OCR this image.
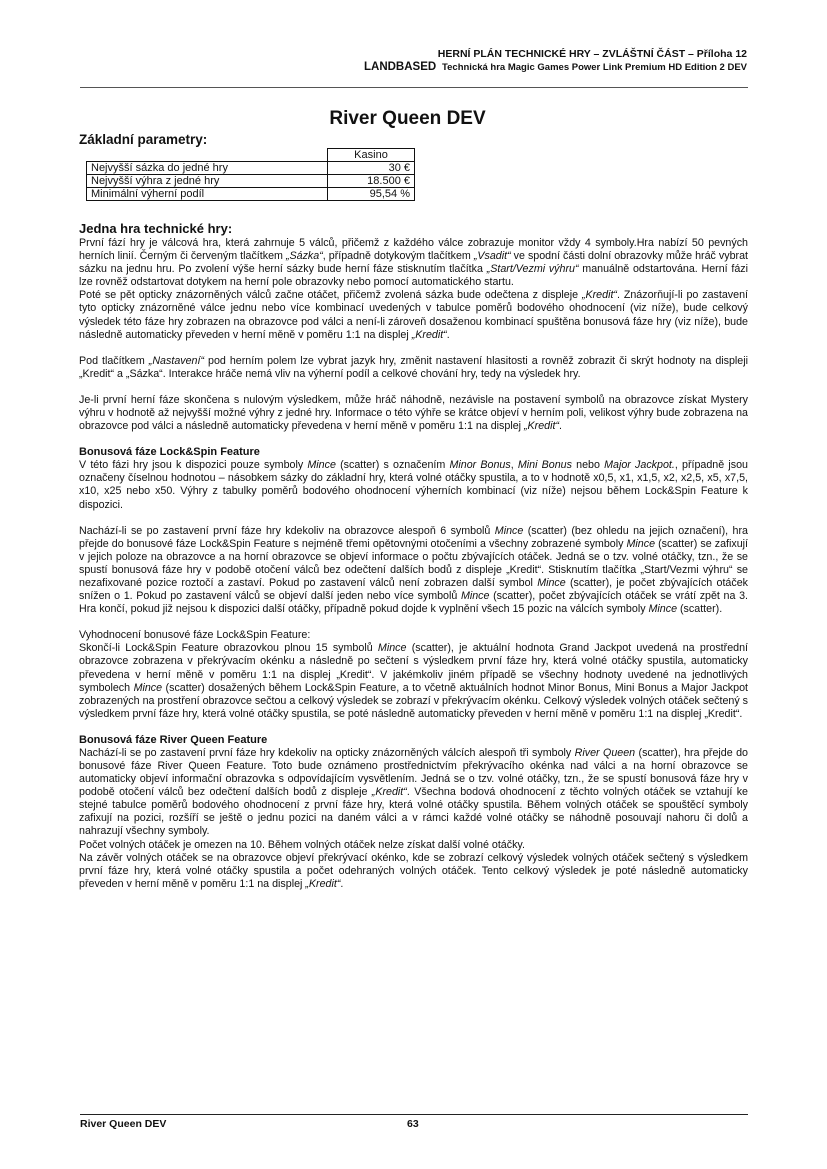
HERNÍ PLÁN TECHNICKÉ HRY – ZVLÁŠTNÍ ČÁST – Příloha 12
LANDBASED Technická hra Magic Games Power Link Premium HD Edition 2 DEV
River Queen DEV
Základní parametry:
	Kasino
Nejvyšší sázka do jedné hry	30 €
Nejvyšší výhra z jedné hry	18.500 €
Minimální výherní podíl	95,54 %
Jedna hra technické hry:

První fází hry je válcová hra, která zahrnuje 5 válců, přičemž z každého válce zobrazuje monitor vždy 4 symboly.Hra nabízí 50 pevných herních linií. Černým či červeným tlačítkem „Sázka“, případně dotykovým tlačítkem „Vsadit“ ve spodní části dolní obrazovky může hráč vybrat sázku na jednu hru. Po zvolení výše herní sázky bude herní fáze stisknutím tlačítka „Start/Vezmi výhru“ manuálně odstartována. Herní fázi lze rovněž odstartovat dotykem na herní pole obrazovky nebo pomocí automatického startu.

Poté se pět opticky znázorněných válců začne otáčet, přičemž zvolená sázka bude odečtena z displeje „Kredit“. Znázorňují-li po zastavení tyto opticky znázorněné válce jednu nebo více kombinací uvedených v tabulce poměrů bodového ohodnocení (viz níže), bude celkový výsledek této fáze hry zobrazen na obrazovce pod válci a není-li zároveň dosaženou kombinací spuštěna bonusová fáze hry (viz níže), bude následně automaticky převeden v herní měně v poměru 1:1 na displej „Kredit“.

Pod tlačítkem „Nastavení“ pod herním polem lze vybrat jazyk hry, změnit nastavení hlasitosti a rovněž zobrazit či skrýt hodnoty na displeji „Kredit“ a „Sázka“. Interakce hráče nemá vliv na výherní podíl a celkové chování hry, tedy na výsledek hry.

Je-li první herní fáze skončena s nulovým výsledkem, může hráč náhodně, nezávisle na postavení symbolů na obrazovce získat Mystery výhru v hodnotě až nejvyšší možné výhry z jedné hry. Informace o této výhře se krátce objeví v herním poli, velikost výhry bude zobrazena na obrazovce pod válci a následně automaticky převedena v herní měně v poměru 1:1 na displej „Kredit“.

Bonusová fáze Lock&Spin Feature

V této fázi hry jsou k dispozici pouze symboly Mince (scatter) s označením Minor Bonus, Mini Bonus nebo Major Jackpot., případně jsou označeny číselnou hodnotou – násobkem sázky do základní hry, která volné otáčky spustila, a to v hodnotě x0,5, x1, x1,5, x2, x2,5, x5, x7,5, x10, x25 nebo x50. Výhry z tabulky poměrů bodového ohodnocení výherních kombinací (viz níže) nejsou během Lock&Spin Feature k dispozici.

Nachází-li se po zastavení první fáze hry kdekoliv na obrazovce alespoň 6 symbolů Mince (scatter) (bez ohledu na jejich označení), hra přejde do bonusové fáze Lock&Spin Feature s nejméně třemi opětovnými otočeními a všechny zobrazené symboly Mince (scatter) se zafixují v jejich poloze na obrazovce a na horní obrazovce se objeví informace o počtu zbývajících otáček. Jedná se o tzv. volné otáčky, tzn., že se spustí bonusová fáze hry v podobě otočení válců bez odečtení dalších bodů z displeje „Kredit“. Stisknutím tlačítka „Start/Vezmi výhru“ se nezafixované pozice roztočí a zastaví. Pokud po zastavení válců není zobrazen další symbol Mince (scatter), je počet zbývajících otáček snížen o 1. Pokud po zastavení válců se objeví další jeden nebo více symbolů Mince (scatter), počet zbývajících otáček se vrátí zpět na 3. Hra končí, pokud již nejsou k dispozici další otáčky, případně pokud dojde k vyplnění všech 15 pozic na válcích symboly Mince (scatter).

Vyhodnocení bonusové fáze Lock&Spin Feature:

Skončí-li Lock&Spin Feature obrazovkou plnou 15 symbolů Mince (scatter), je aktuální hodnota Grand Jackpot uvedená na prostřední obrazovce zobrazena v překrývacím okénku a následně po sečtení s výsledkem první fáze hry, která volné otáčky spustila, automaticky převedena v herní měně v poměru 1:1 na displej „Kredit“. V jakémkoliv jiném případě se všechny hodnoty uvedené na jednotlivých symbolech Mince (scatter) dosažených během Lock&Spin Feature, a to včetně aktuálních hodnot Minor Bonus, Mini Bonus a Major Jackpot zobrazených na prostření obrazovce sečtou a celkový výsledek se zobrazí v překrývacím okénku. Celkový výsledek volných otáček sečtený s výsledkem první fáze hry, která volné otáčky spustila, se poté následně automaticky převeden v herní měně v poměru 1:1 na displej „Kredit“.

Bonusová fáze River Queen Feature

Nachází-li se po zastavení první fáze hry kdekoliv na opticky znázorněných válcích alespoň tři symboly River Queen (scatter), hra přejde do bonusové fáze River Queen Feature. Toto bude oznámeno prostřednictvím překrývacího okénka nad válci a na horní obrazovce se automaticky objeví informační obrazovka s odpovídajícím vysvětlením. Jedná se o tzv. volné otáčky, tzn., že se spustí bonusová fáze hry v podobě otočení válců bez odečtení dalších bodů z displeje „Kredit“. Všechna bodová ohodnocení z těchto volných otáček se vztahují ke stejné tabulce poměrů bodového ohodnocení z první fáze hry, která volné otáčky spustila. Během volných otáček se spouštěcí symboly zafixují na pozici, rozšíří se ještě o jednu pozici na daném válci a v rámci každé volné otáčky se náhodně posouvají nahoru či dolů a nahrazují všechny symboly.

Počet volných otáček je omezen na 10. Během volných otáček nelze získat další volné otáčky.

Na závěr volných otáček se na obrazovce objeví překrývací okénko, kde se zobrazí celkový výsledek volných otáček sečtený s výsledkem první fáze hry, která volné otáčky spustila a počet odehraných volných otáček. Tento celkový výsledek je poté následně automaticky převeden v herní měně v poměru 1:1 na displej „Kredit“.

River Queen DEV	63
